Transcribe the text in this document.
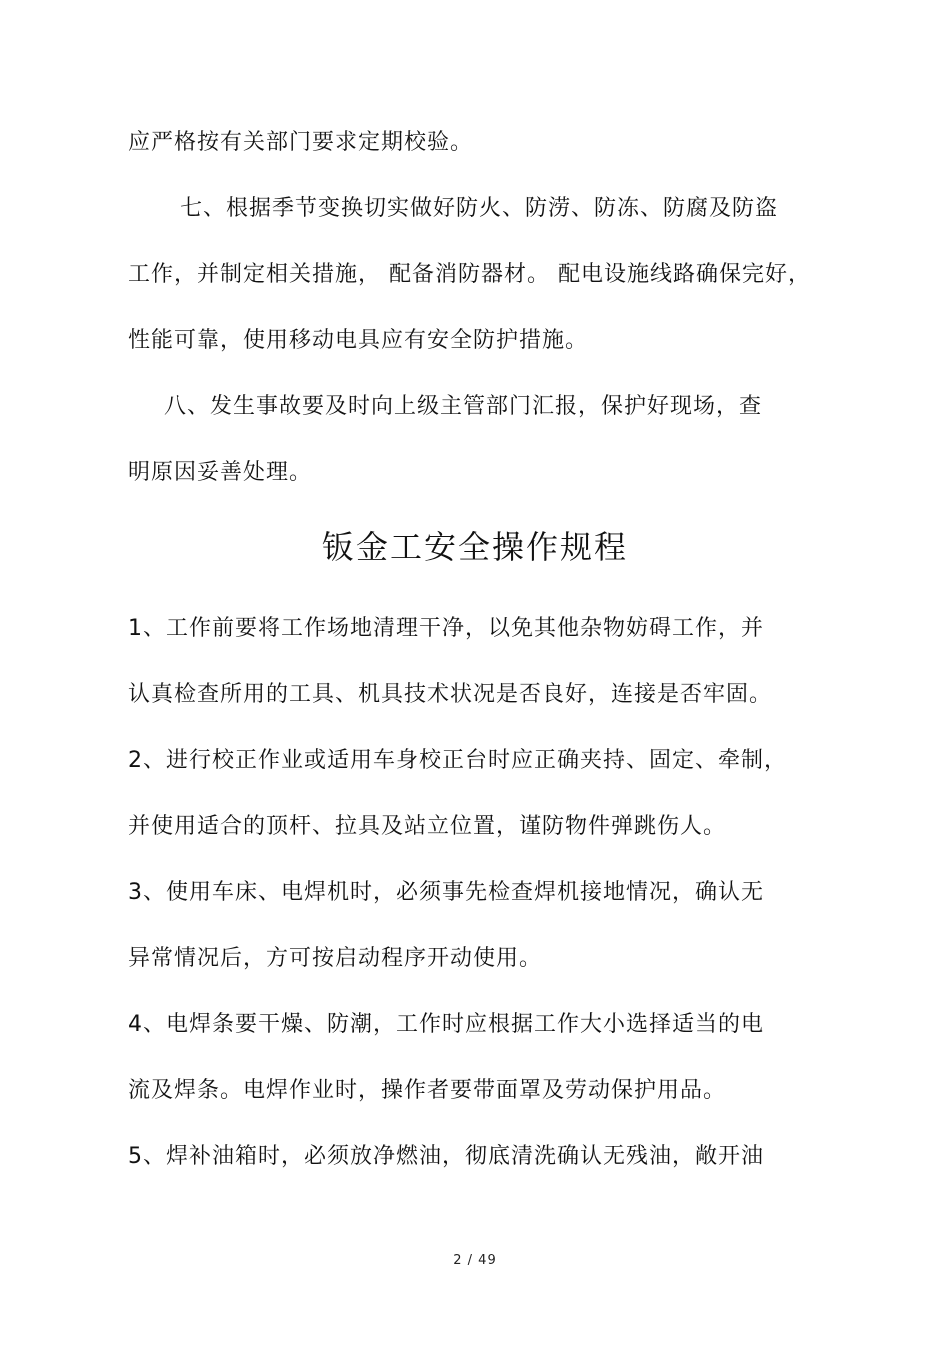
应严格按有关部门要求定期校验。
七、根据季节变换切实做好防火、防涝、防冻、防腐及防盗
工作，并制定相关措施， 配备消防器材。 配电设施线路确保完好，
性能可靠，使用移动电具应有安全防护措施。
八、发生事故要及时向上级主管部门汇报，保护好现场，查
明原因妥善处理。
钣金工安全操作规程
1、工作前要将工作场地清理干净，以免其他杂物妨碍工作，并
认真检查所用的工具、机具技术状况是否良好，连接是否牢固。
2、进行校正作业或适用车身校正台时应正确夹持、固定、牵制，
并使用适合的顶杆、拉具及站立位置，谨防物件弹跳伤人。
3、使用车床、电焊机时，必须事先检查焊机接地情况，确认无
异常情况后，方可按启动程序开动使用。
4、电焊条要干燥、防潮，工作时应根据工作大小选择适当的电
流及焊条。电焊作业时，操作者要带面罩及劳动保护用品。
5、焊补油箱时，必须放净燃油，彻底清洗确认无残油，敞开油
2 / 49
